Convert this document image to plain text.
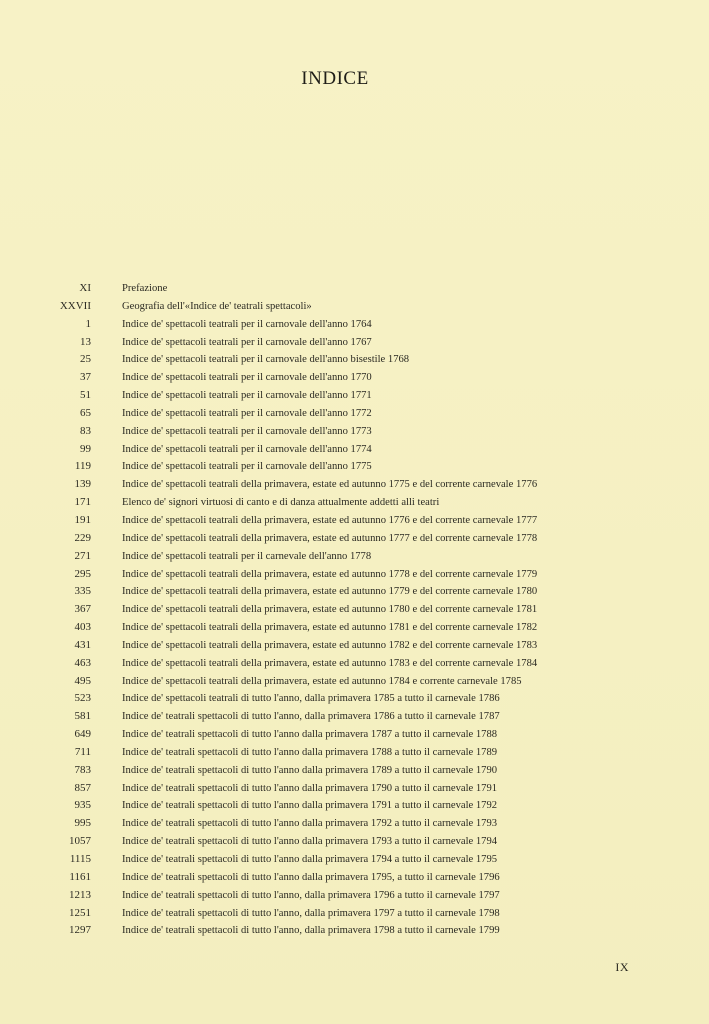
INDICE
XI	Prefazione
XXVII	Geografia dell'«Indice de' teatrali spettacoli»
1	Indice de' spettacoli teatrali per il carnovale dell'anno 1764
13	Indice de' spettacoli teatrali per il carnovale dell'anno 1767
25	Indice de' spettacoli teatrali per il carnovale dell'anno bisestile 1768
37	Indice de' spettacoli teatrali per il carnovale dell'anno 1770
51	Indice de' spettacoli teatrali per il carnovale dell'anno 1771
65	Indice de' spettacoli teatrali per il carnovale dell'anno 1772
83	Indice de' spettacoli teatrali per il carnovale dell'anno 1773
99	Indice de' spettacoli teatrali per il carnovale dell'anno 1774
119	Indice de' spettacoli teatrali per il carnovale dell'anno 1775
139	Indice de' spettacoli teatrali della primavera, estate ed autunno 1775 e del corrente carnevale 1776
171	Elenco de' signori virtuosi di canto e di danza attualmente addetti alli teatri
191	Indice de' spettacoli teatrali della primavera, estate ed autunno 1776 e del corrente carnevale 1777
229	Indice de' spettacoli teatrali della primavera, estate ed autunno 1777 e del corrente carnevale 1778
271	Indice de' spettacoli teatrali per il carnevale dell'anno 1778
295	Indice de' spettacoli teatrali della primavera, estate ed autunno 1778 e del corrente carnevale 1779
335	Indice de' spettacoli teatrali della primavera, estate ed autunno 1779 e del corrente carnevale 1780
367	Indice de' spettacoli teatrali della primavera, estate ed autunno 1780 e del corrente carnevale 1781
403	Indice de' spettacoli teatrali della primavera, estate ed autunno 1781 e del corrente carnevale 1782
431	Indice de' spettacoli teatrali della primavera, estate ed autunno 1782 e del corrente carnevale 1783
463	Indice de' spettacoli teatrali della primavera, estate ed autunno 1783 e del corrente carnevale 1784
495	Indice de' spettacoli teatrali della primavera, estate ed autunno 1784 e corrente carnevale 1785
523	Indice de' spettacoli teatrali di tutto l'anno, dalla primavera 1785 a tutto il carnevale 1786
581	Indice de' teatrali spettacoli di tutto l'anno, dalla primavera 1786 a tutto il carnevale 1787
649	Indice de' teatrali spettacoli di tutto l'anno dalla primavera 1787 a tutto il carnevale 1788
711	Indice de' teatrali spettacoli di tutto l'anno dalla primavera 1788 a tutto il carnevale 1789
783	Indice de' teatrali spettacoli di tutto l'anno dalla primavera 1789 a tutto il carnevale 1790
857	Indice de' teatrali spettacoli di tutto l'anno dalla primavera 1790 a tutto il carnevale 1791
935	Indice de' teatrali spettacoli di tutto l'anno dalla primavera 1791 a tutto il carnevale 1792
995	Indice de' teatrali spettacoli di tutto l'anno dalla primavera 1792 a tutto il carnevale 1793
1057	Indice de' teatrali spettacoli di tutto l'anno dalla primavera 1793 a tutto il carnevale 1794
1115	Indice de' teatrali spettacoli di tutto l'anno dalla primavera 1794 a tutto il carnevale 1795
1161	Indice de' teatrali spettacoli di tutto l'anno dalla primavera 1795, a tutto il carnevale 1796
1213	Indice de' teatrali spettacoli di tutto l'anno, dalla primavera 1796 a tutto il carnevale 1797
1251	Indice de' teatrali spettacoli di tutto l'anno, dalla primavera 1797 a tutto il carnevale 1798
1297	Indice de' teatrali spettacoli di tutto l'anno, dalla primavera 1798 a tutto il carnevale 1799
IX
